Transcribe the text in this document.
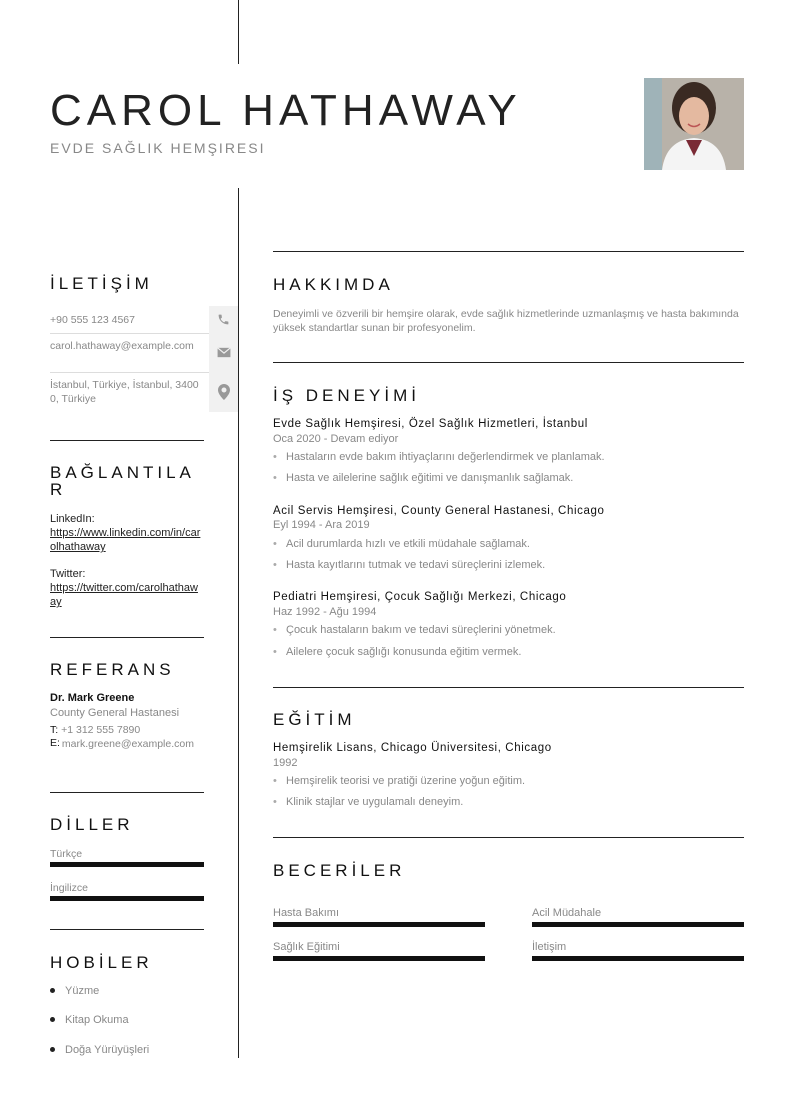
CAROL HATHAWAY
EVDE SAĞLIK HEMŞIRESI
İLETİŞİM
+90 555 123 4567
carol.hathaway@example.com
İstanbul, Türkiye, İstanbul, 34000, Türkiye
BAĞLANTILAR
LinkedIn:
https://www.linkedin.com/in/carolhathaway
Twitter:
https://twitter.com/carolhathaway
REFERANS
Dr. Mark Greene
County General Hastanesi
T: +1 312 555 7890
E: mark.greene@example.com
DİLLER
Türkçe
İngilizce
HOBİLER
Yüzme
Kitap Okuma
Doğa Yürüyüşleri
HAKKIMDA
Deneyimli ve özverili bir hemşire olarak, evde sağlık hizmetlerinde uzmanlaşmış ve hasta bakımında yüksek standartlar sunan bir profesyonelim.
İŞ DENEYİMİ
Evde Sağlık Hemşiresi, Özel Sağlık Hizmetleri, İstanbul
Oca 2020 - Devam ediyor
• Hastaların evde bakım ihtiyaçlarını değerlendirmek ve planlamak.
• Hasta ve ailelerine sağlık eğitimi ve danışmanlık sağlamak.
Acil Servis Hemşiresi, County General Hastanesi, Chicago
Eyl 1994 - Ara 2019
• Acil durumlarda hızlı ve etkili müdahale sağlamak.
• Hasta kayıtlarını tutmak ve tedavi süreçlerini izlemek.
Pediatri Hemşiresi, Çocuk Sağlığı Merkezi, Chicago
Haz 1992 - Ağu 1994
• Çocuk hastaların bakım ve tedavi süreçlerini yönetmek.
• Ailelere çocuk sağlığı konusunda eğitim vermek.
EĞİTİM
Hemşirelik Lisans, Chicago Üniversitesi, Chicago
1992
• Hemşirelik teorisi ve pratiği üzerine yoğun eğitim.
• Klinik stajlar ve uygulamalı deneyim.
BECERİLER
Hasta Bakımı	Acil Müdahale
Sağlık Eğitimi	İletişim
